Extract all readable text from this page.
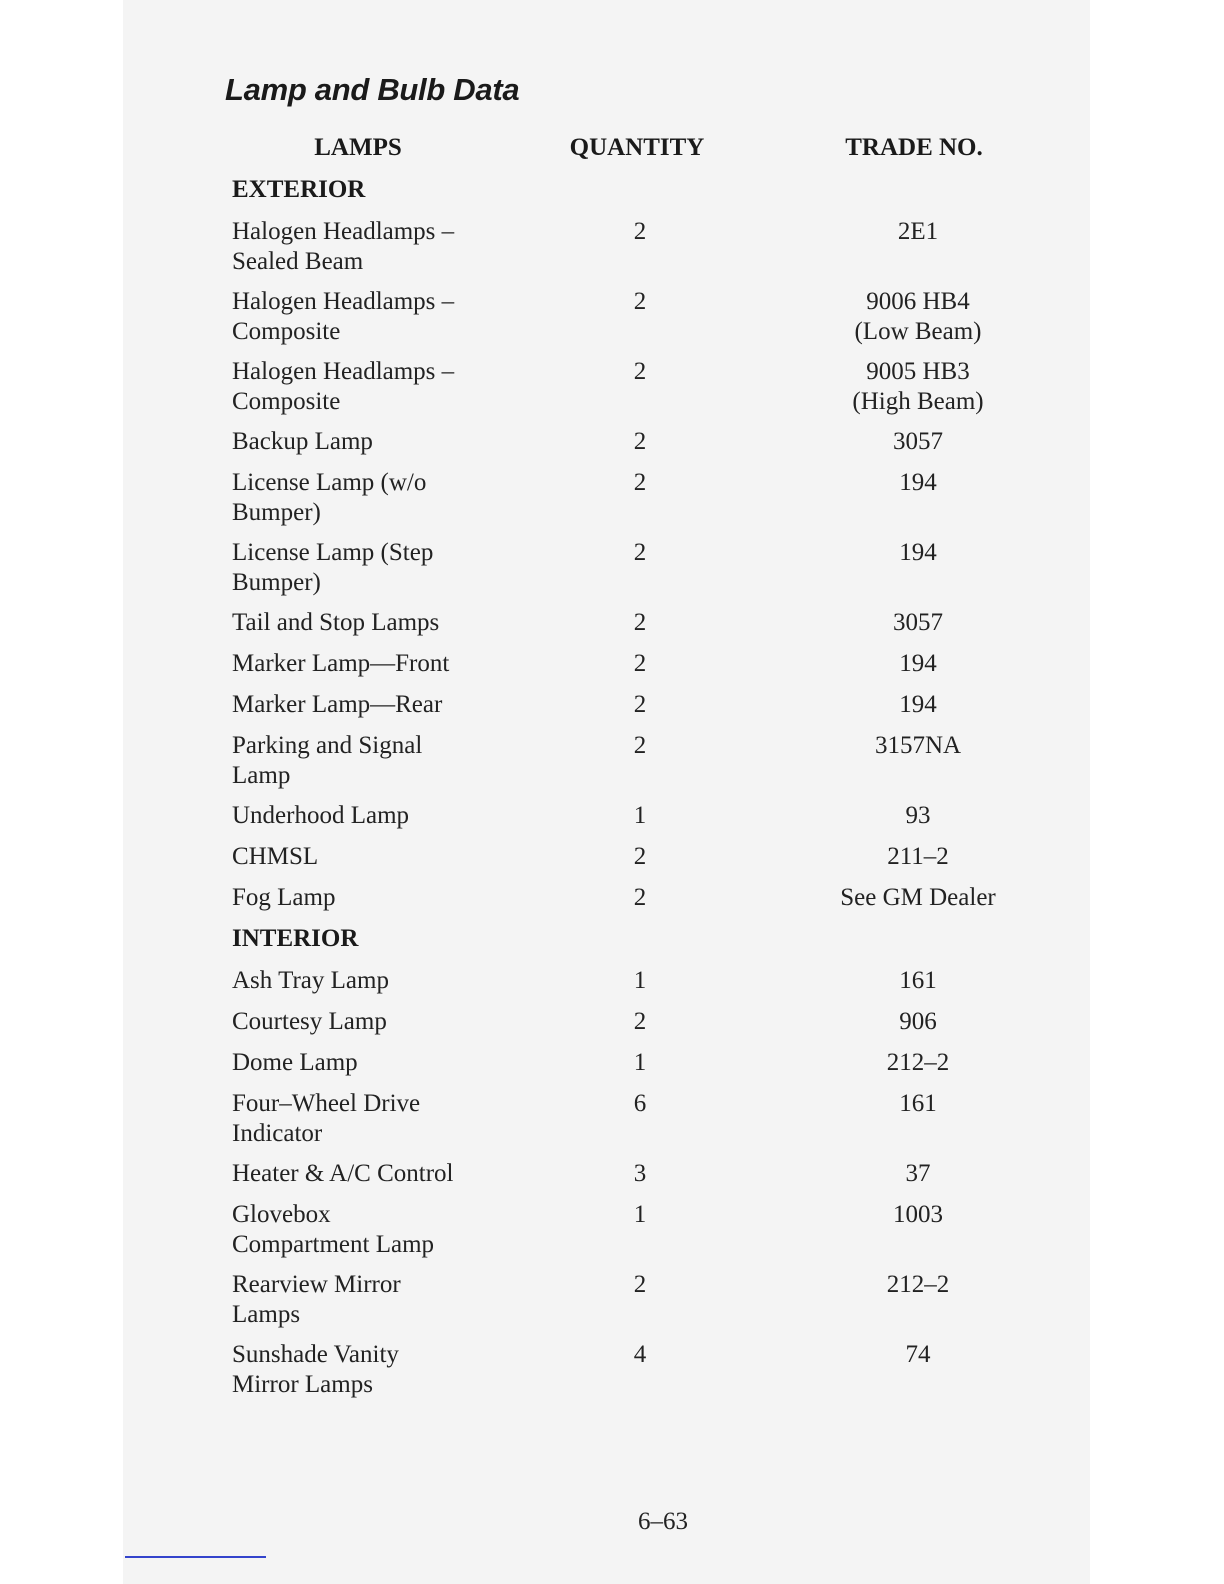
Lamp and Bulb Data
LAMPS	QUANTITY	TRADE NO.
EXTERIOR
Halogen Headlamps –
Sealed Beam
2	2E1
Halogen Headlamps –
Composite
2	9006 HB4
(Low Beam)
Halogen Headlamps –
Composite
2	9005 HB3
(High Beam)
Backup Lamp	2	3057
License Lamp (w/o
Bumper)
2	194
License Lamp (Step
Bumper)
2	194
Tail and Stop Lamps	2	3057
Marker Lamp—Front	2	194
Marker Lamp—Rear	2	194
Parking and Signal
Lamp
2	3157NA
Underhood Lamp	1	93
CHMSL	2	211–2
Fog Lamp	2	See GM Dealer
INTERIOR
Ash Tray Lamp	1	161
Courtesy Lamp	2	906
Dome Lamp	1	212–2
Four–Wheel Drive
Indicator
6	161
Heater & A/C Control	3	37
Glovebox
Compartment Lamp
1	1003
Rearview Mirror
Lamps
2	212–2
Sunshade Vanity
Mirror Lamps
4	74
6–63
